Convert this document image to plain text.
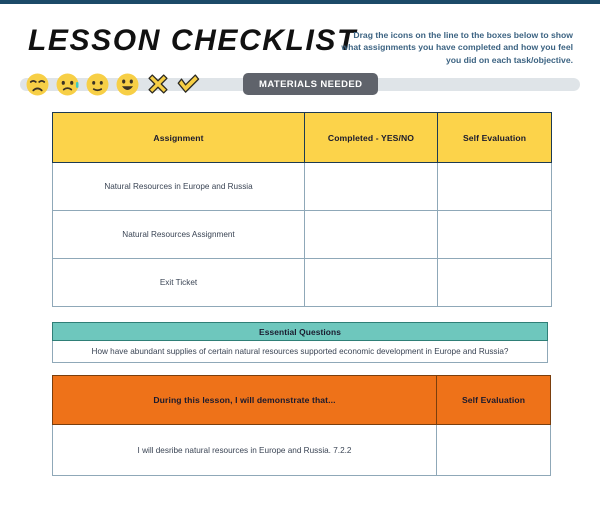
LESSON CHECKLIST
Drag the icons on the line to the boxes below to show what assignments you have completed and how you feel you did on each task/objective.
MATERIALS NEEDED
Assignment	Completed - YES/NO	Self Evaluation
Natural Resources in Europe and Russia		
Natural Resources Assignment		
Exit Ticket		
Essential Questions
How have abundant supplies of certain natural resources supported economic development in Europe and Russia?
During this lesson, I will demonstrate that...	Self Evaluation
I will desribe natural resources in Europe and Russia. 7.2.2	
